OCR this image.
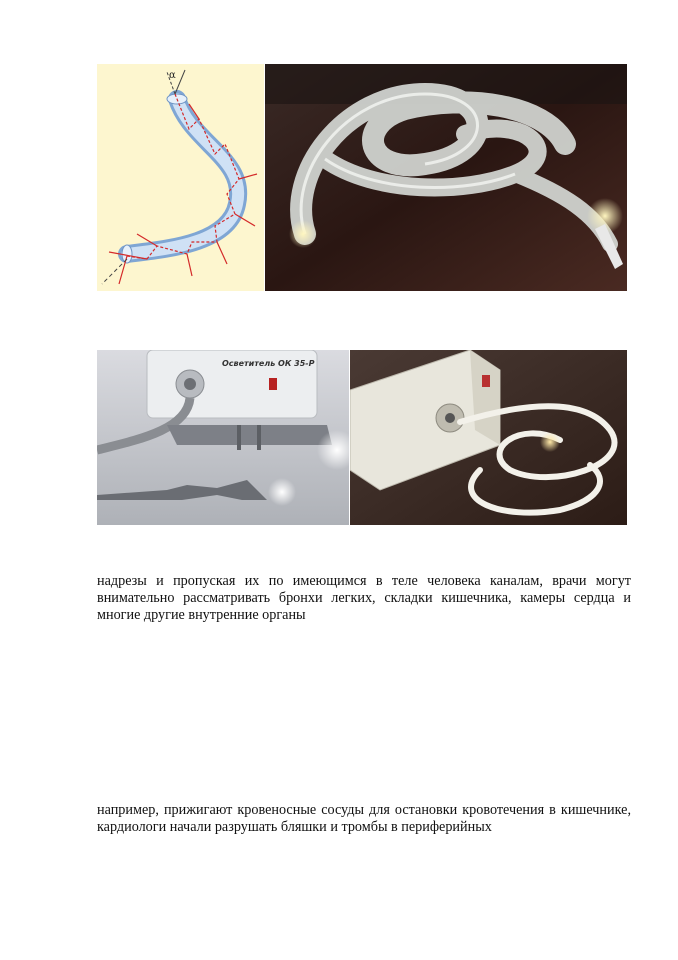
α
Осветитель ОК 35-Р

надрезы и пропуская их по имеющимся в теле человека каналам, врачи могут внимательно рассматривать бронхи легких, складки кишечника, камеры сердца и многие другие внутренние органы

например, прижигают кровеносные сосуды для остановки кровотечения в кишечнике, кардиологи начали разрушать бляшки и тромбы в периферийных
